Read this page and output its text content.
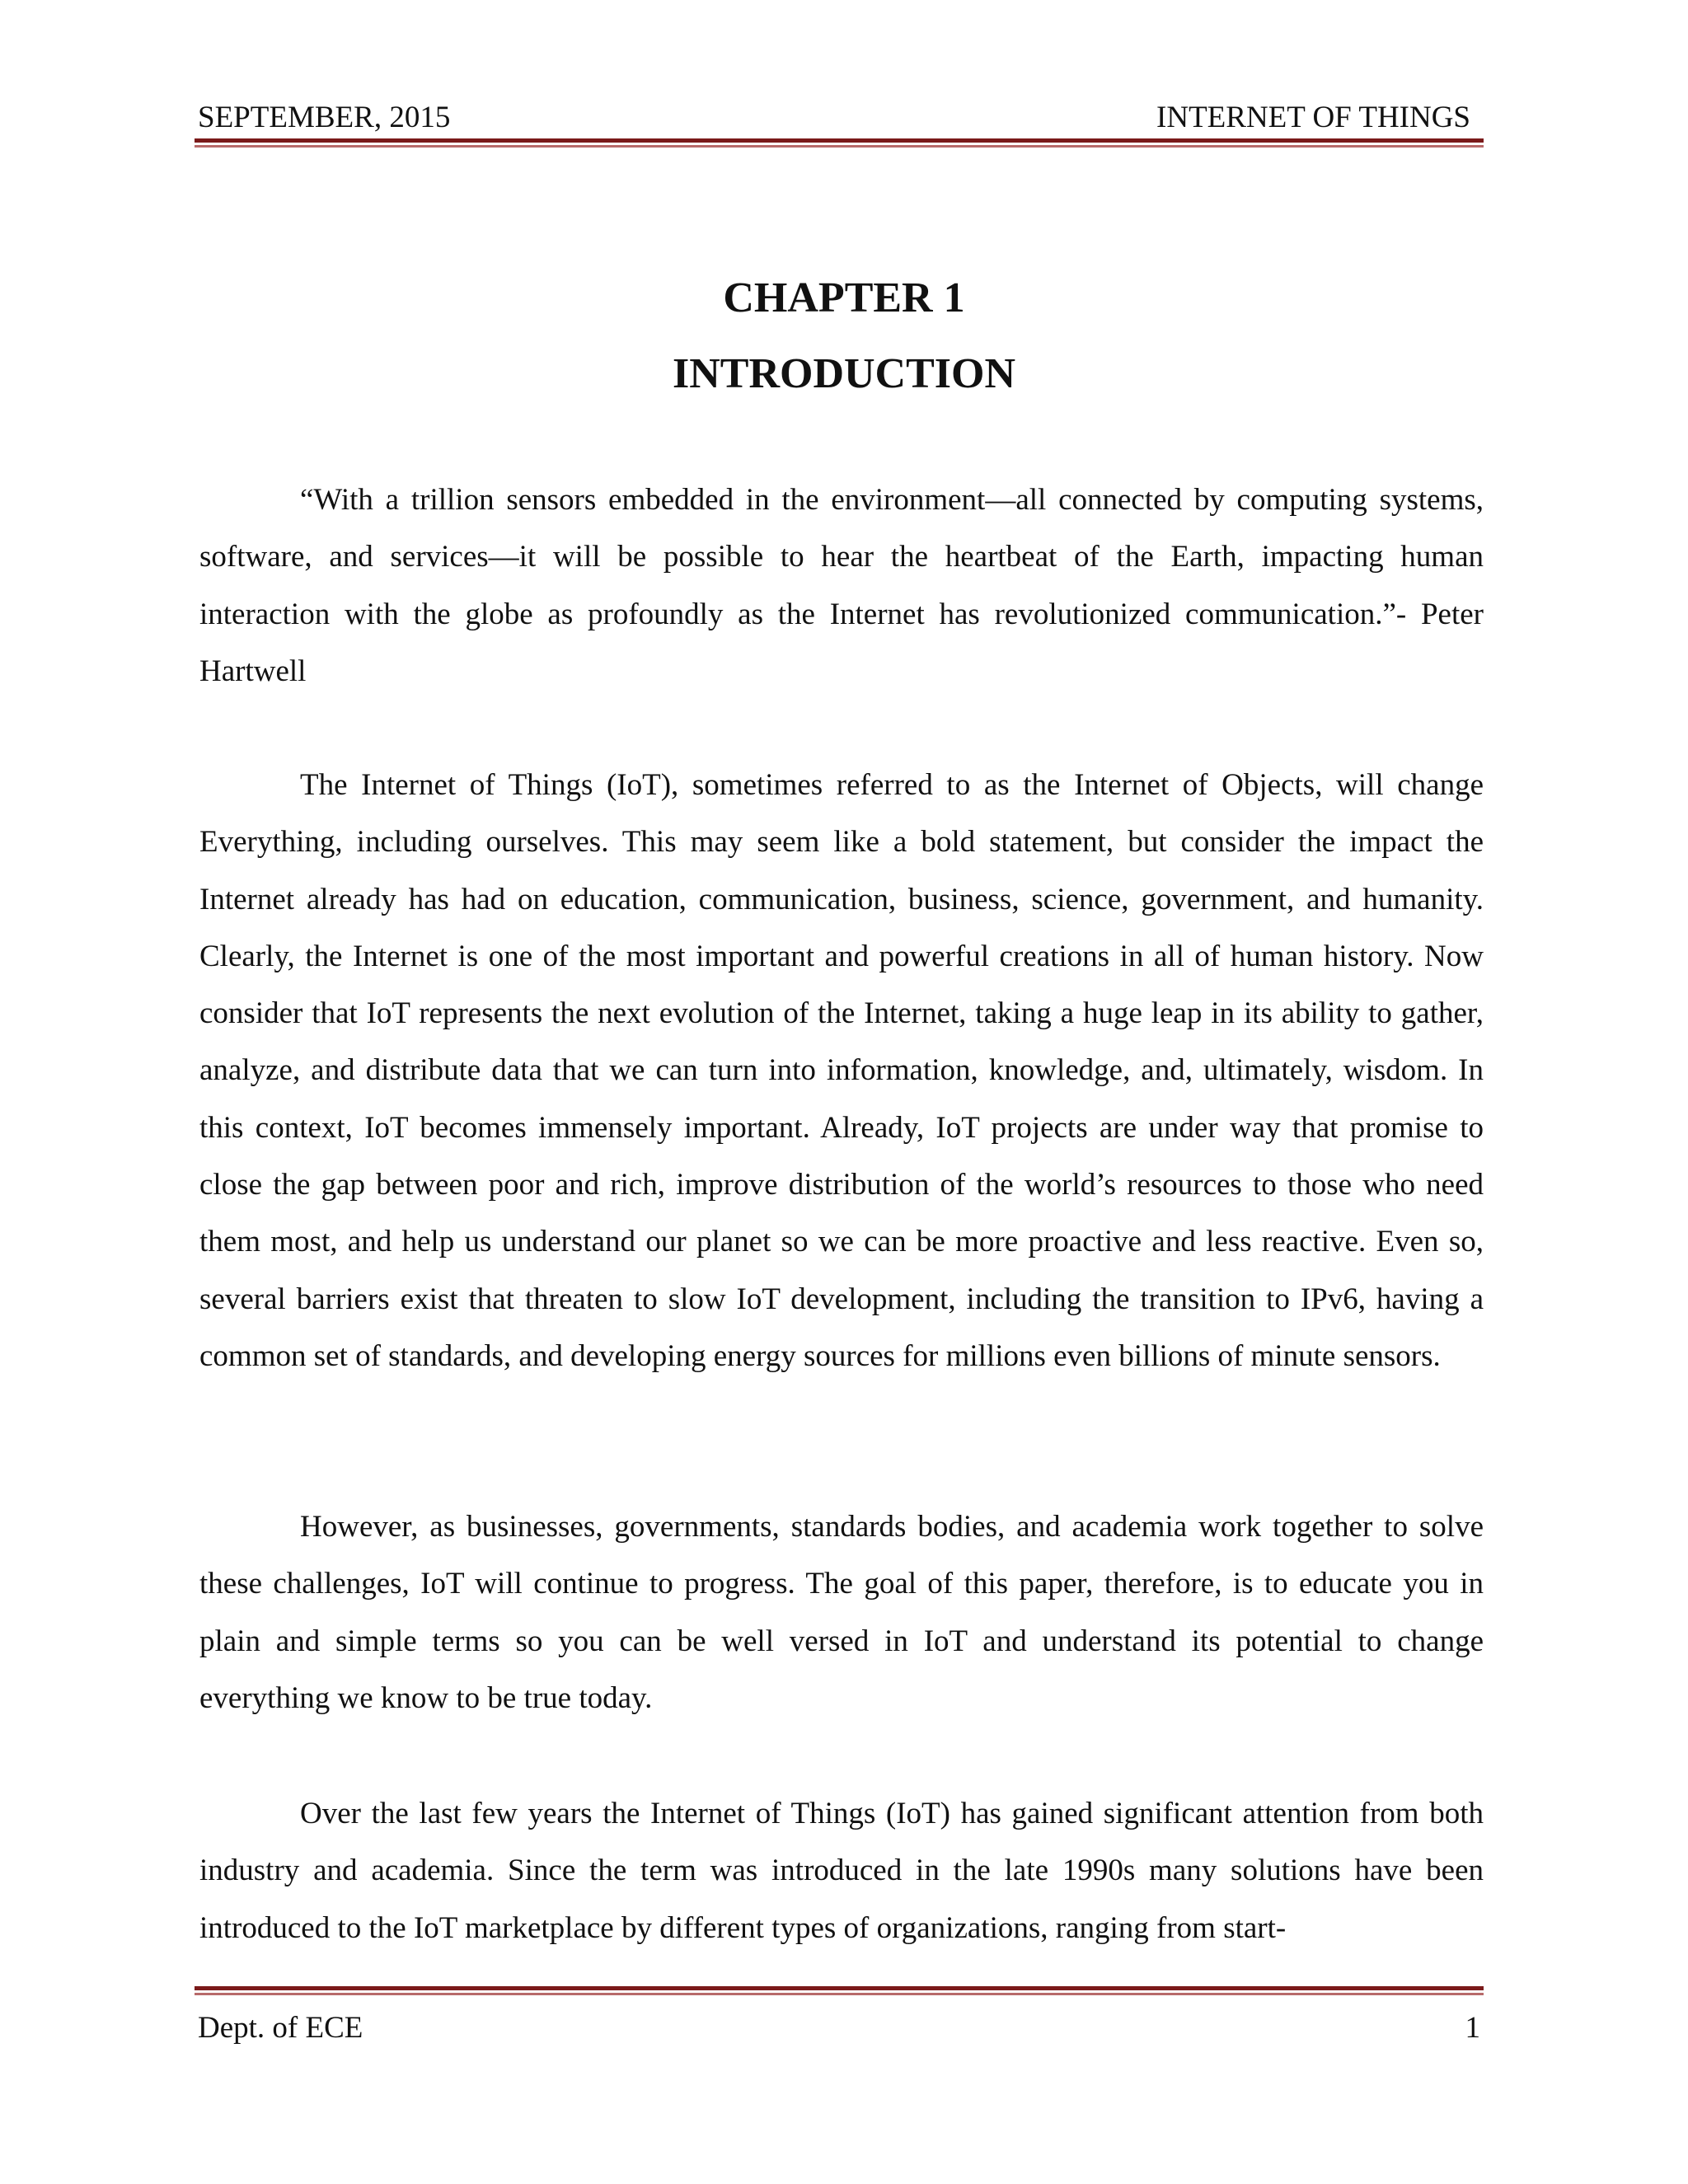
SEPTEMBER, 2015	INTERNET OF THINGS
CHAPTER 1
INTRODUCTION

“With a trillion sensors embedded in the environment—all connected by computing systems, software, and services—it will be possible to hear the heartbeat of the Earth, impacting human interaction with the globe as profoundly as the Internet has revolutionized communication.”- Peter Hartwell

The Internet of Things (IoT), sometimes referred to as the Internet of Objects, will change Everything, including ourselves. This may seem like a bold statement, but consider the impact the Internet already has had on education, communication, business, science, government, and humanity. Clearly, the Internet is one of the most important and powerful creations in all of human history. Now consider that IoT represents the next evolution of the Internet, taking a huge leap in its ability to gather, analyze, and distribute data that we can turn into information, knowledge, and, ultimately, wisdom. In this context, IoT becomes immensely important. Already, IoT projects are under way that promise to close the gap between poor and rich, improve distribution of the world’s resources to those who need them most, and help us understand our planet so we can be more proactive and less reactive. Even so, several barriers exist that threaten to slow IoT development, including the transition to IPv6, having a common set of standards, and developing energy sources for millions even billions of minute sensors.

However, as businesses, governments, standards bodies, and academia work together to solve these challenges, IoT will continue to progress. The goal of this paper, therefore, is to educate you in plain and simple terms so you can be well versed in IoT and understand its potential to change everything we know to be true today.

Over the last few years the Internet of Things (IoT) has gained significant attention from both industry and academia. Since the term was introduced in the late 1990s many solutions have been introduced to the IoT marketplace by different types of organizations, ranging from start-

Dept. of ECE	1
